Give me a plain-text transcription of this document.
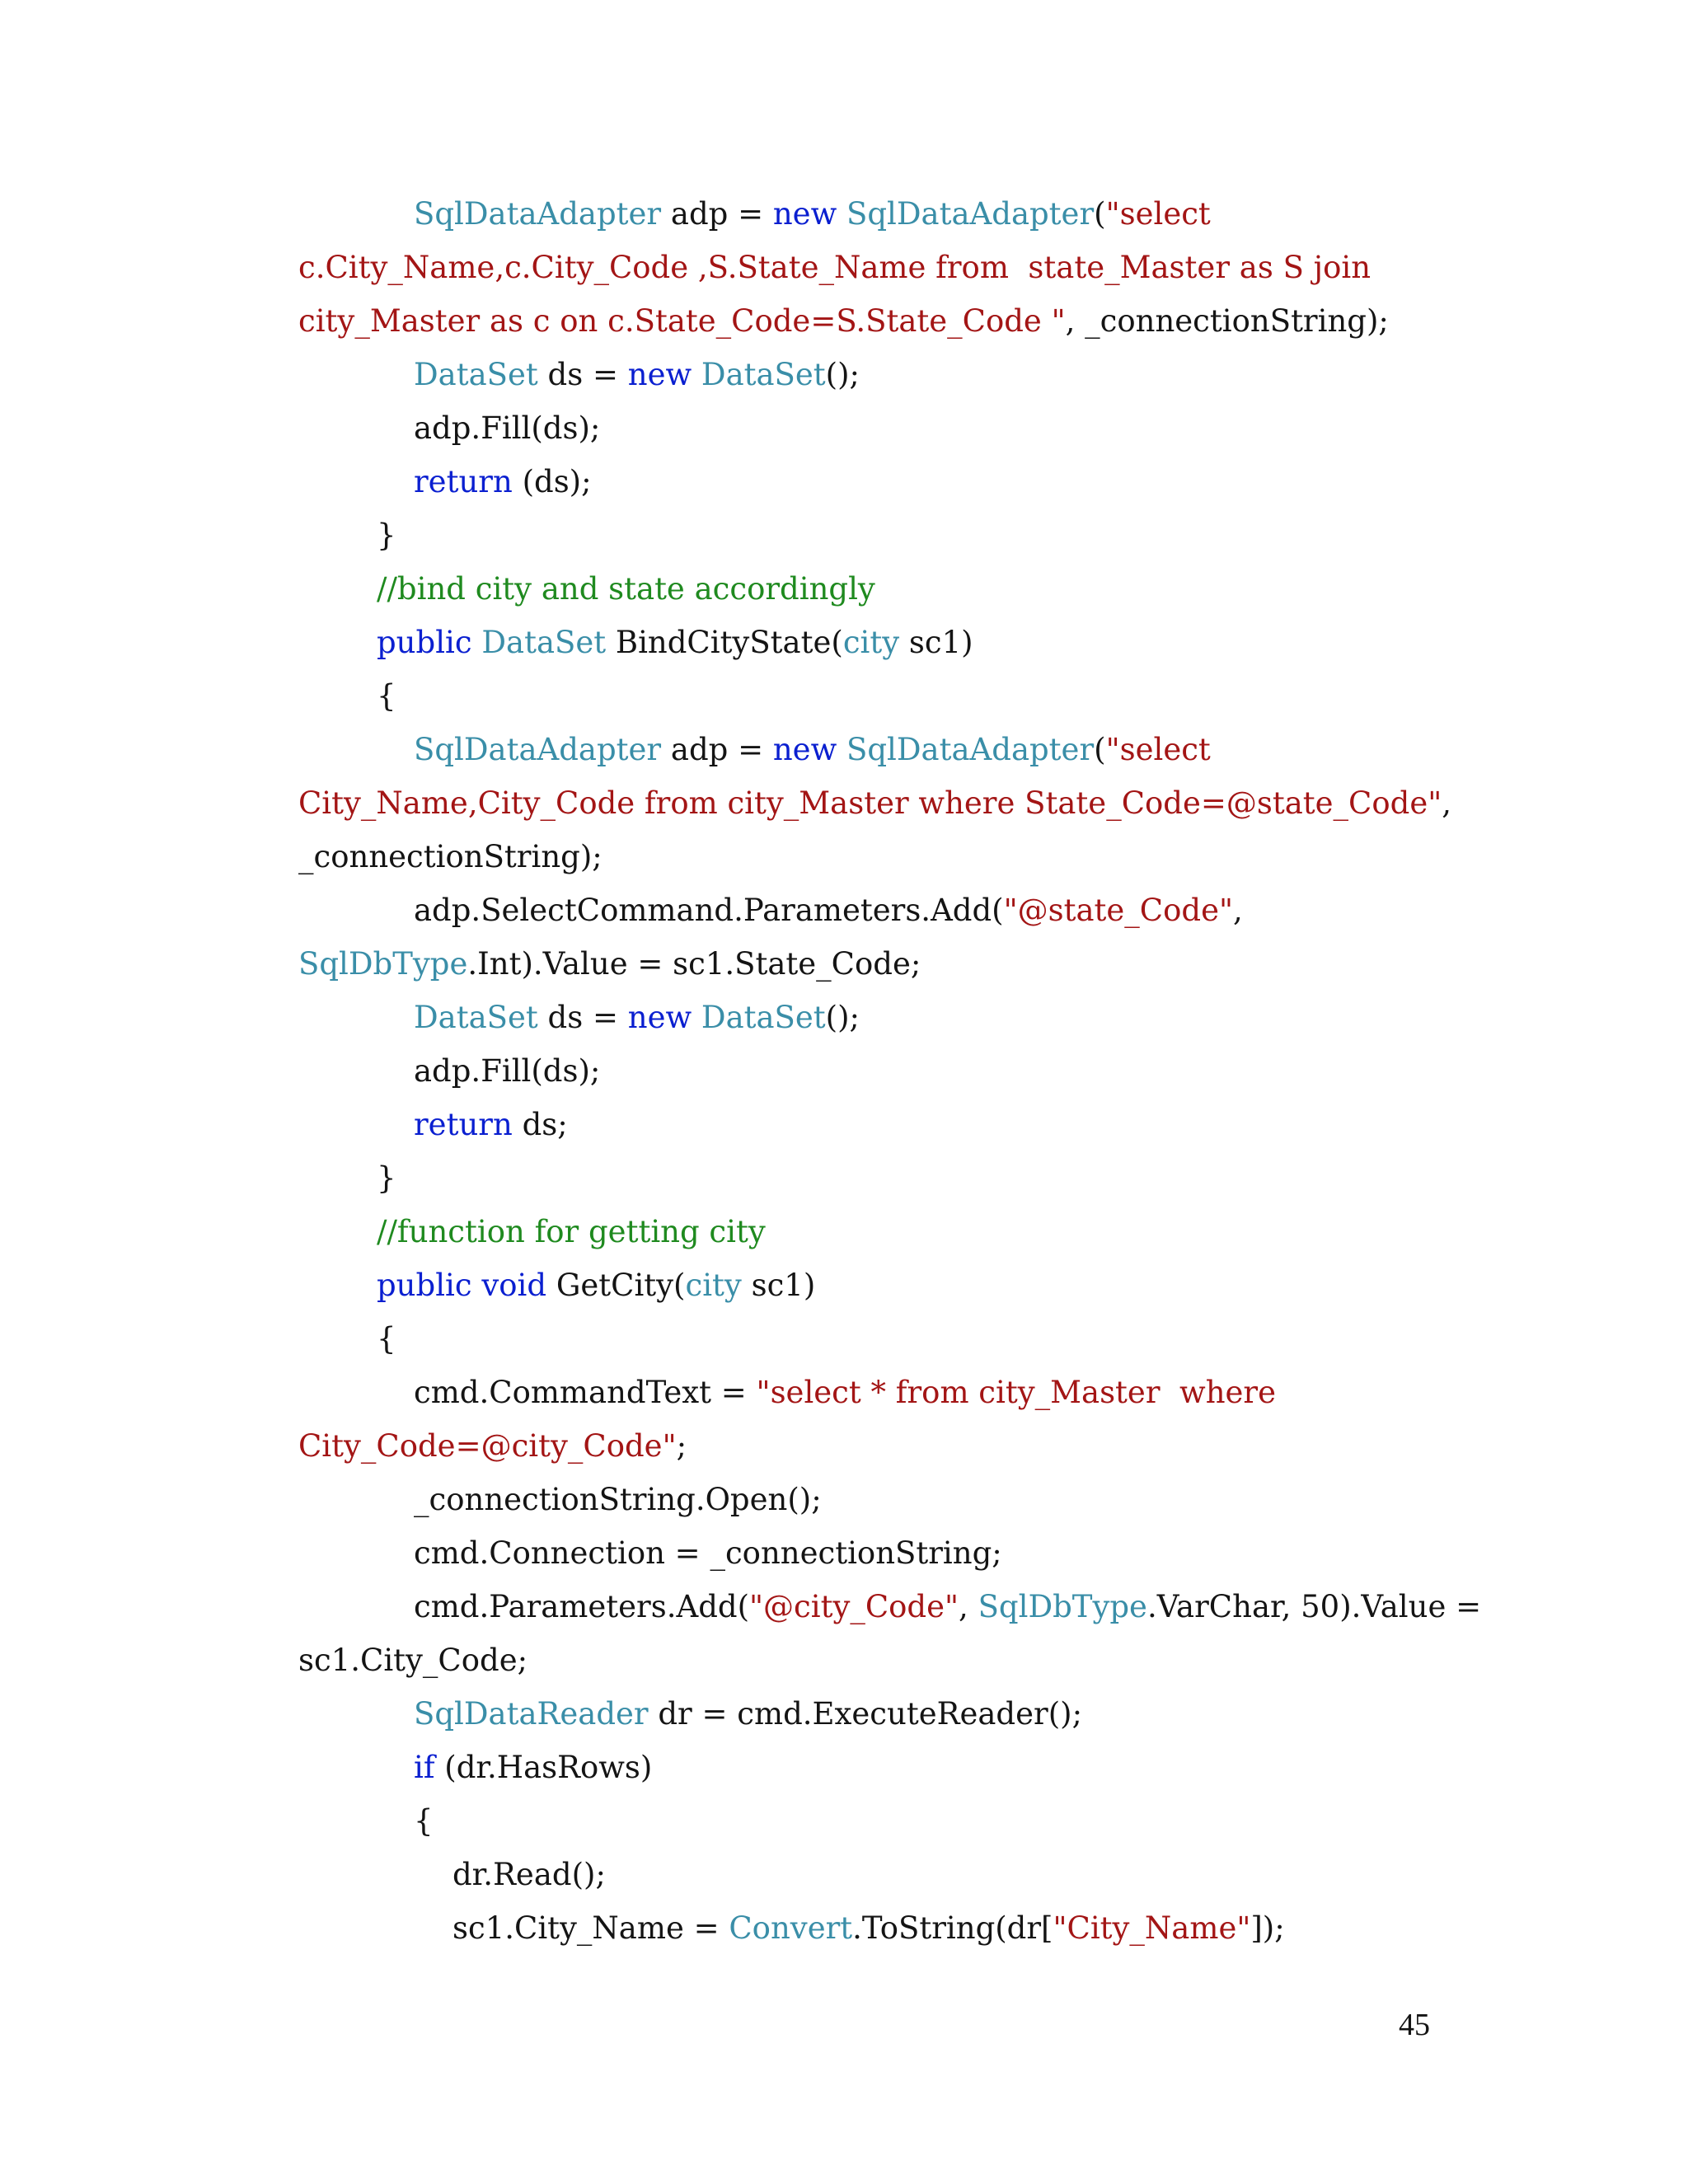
SqlDataAdapter adp = new SqlDataAdapter("select
c.City_Name,c.City_Code ,S.State_Name from  state_Master as S join
city_Master as c on c.State_Code=S.State_Code ", _connectionString);
DataSet ds = new DataSet();
adp.Fill(ds);
return (ds);
}
//bind city and state accordingly
public DataSet BindCityState(city sc1)
{
SqlDataAdapter adp = new SqlDataAdapter("select
City_Name,City_Code from city_Master where State_Code=@state_Code",
_connectionString);
adp.SelectCommand.Parameters.Add("@state_Code",
SqlDbType.Int).Value = sc1.State_Code;
DataSet ds = new DataSet();
adp.Fill(ds);
return ds;
}
//function for getting city
public void GetCity(city sc1)
{
cmd.CommandText = "select * from city_Master  where
City_Code=@city_Code";
_connectionString.Open();
cmd.Connection = _connectionString;
cmd.Parameters.Add("@city_Code", SqlDbType.VarChar, 50).Value =
sc1.City_Code;
SqlDataReader dr = cmd.ExecuteReader();
if (dr.HasRows)
{
dr.Read();
sc1.City_Name = Convert.ToString(dr["City_Name"]);
45
